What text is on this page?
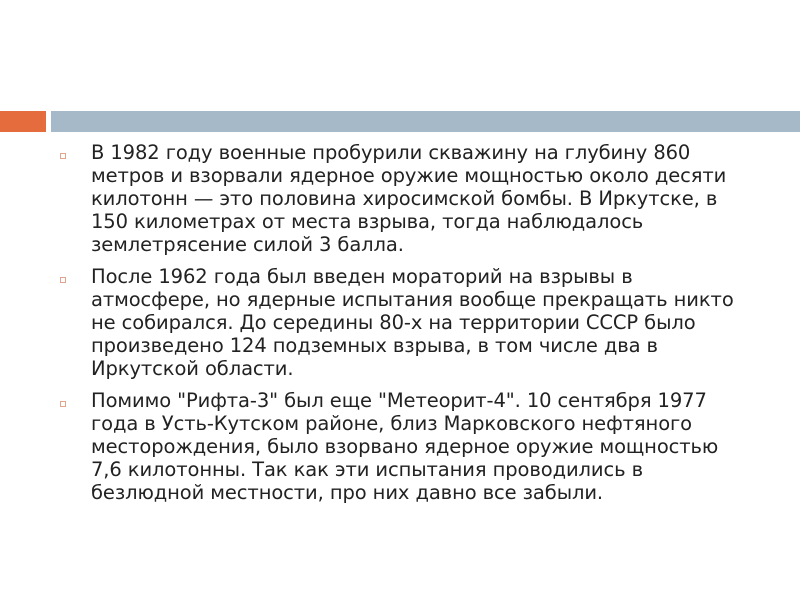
В 1982 году военные пробурили скважину на глубину 860 метров и взорвали ядерное оружие мощностью около десяти килотонн — это половина хиросимской бомбы. В Иркутске, в 150 километрах от места взрыва, тогда наблюдалось землетрясение силой 3 балла.
После 1962 года был введен мораторий на взрывы в атмосфере, но ядерные испытания вообще прекращать никто не собирался. До середины 80-х на территории СССР было произведено 124 подземных взрыва, в том числе два в Иркутской области.
Помимо "Рифта-3" был еще "Метеорит-4". 10 сентября 1977 года в Усть-Кутском районе, близ Марковского нефтяного месторождения, было взорвано ядерное оружие мощностью 7,6 килотонны. Так как эти испытания проводились в безлюдной местности, про них давно все забыли.
